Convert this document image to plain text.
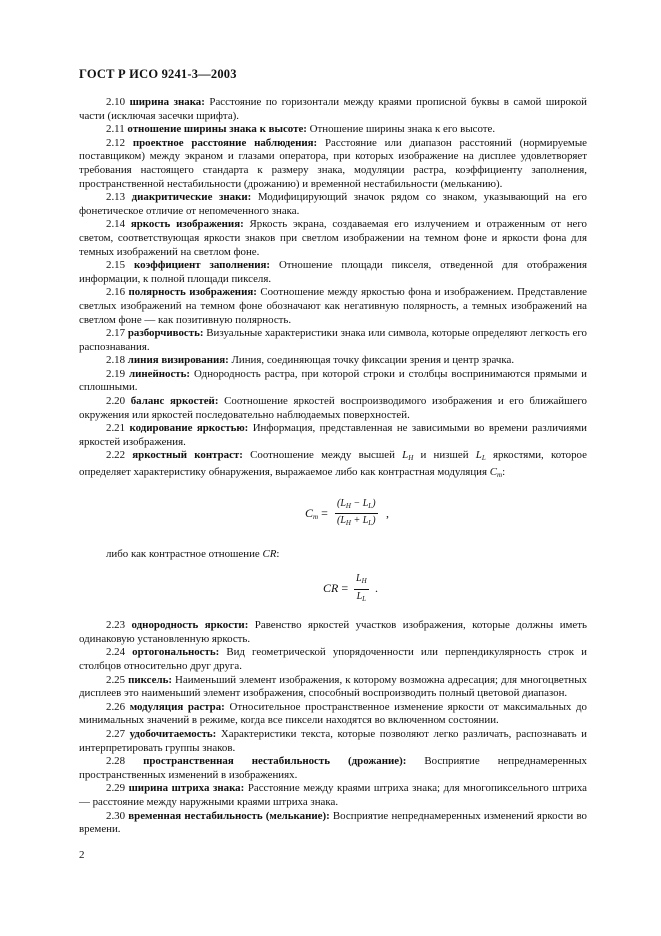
ГОСТ Р ИСО 9241-3—2003

2.10 ширина знака: Расстояние по горизонтали между краями прописной буквы в самой широкой части (исключая засечки шрифта).

2.11 отношение ширины знака к высоте: Отношение ширины знака к его высоте.

2.12 проектное расстояние наблюдения: Расстояние или диапазон расстояний (нормируемые поставщиком) между экраном и глазами оператора, при которых изображение на дисплее удовлетворяет требования настоящего стандарта к размеру знака, модуляции растра, коэффициенту заполнения, пространственной нестабильности (дрожанию) и временной нестабильности (мельканию).

2.13 диакритические знаки: Модифицирующий значок рядом со знаком, указывающий на его фонетическое отличие от непомеченного знака.

2.14 яркость изображения: Яркость экрана, создаваемая его излучением и отраженным от него светом, соответствующая яркости знаков при светлом изображении на темном фоне и яркости фона для темных изображений на светлом фоне.

2.15 коэффициент заполнения: Отношение площади пикселя, отведенной для отображения информации, к полной площади пикселя.

2.16 полярность изображения: Соотношение между яркостью фона и изображением. Представление светлых изображений на темном фоне обозначают как негативную полярность, а темных изображений на светлом фоне — как позитивную полярность.

2.17 разборчивость: Визуальные характеристики знака или символа, которые определяют легкость его распознавания.

2.18 линия визирования: Линия, соединяющая точку фиксации зрения и центр зрачка.

2.19 линейность: Однородность растра, при которой строки и столбцы воспринимаются прямыми и сплошными.

2.20 баланс яркостей: Соотношение яркостей воспроизводимого изображения и его ближайшего окружения или яркостей последовательно наблюдаемых поверхностей.

2.21 кодирование яркостью: Информация, представленная не зависимыми во времени различиями яркостей изображения.

2.22 яркостный контраст: Соотношение между высшей $L_H$ и низшей $L_L$ яркостями, которое определяет характеристику обнаружения, выражаемое либо как контрастная модуляция $C_m$:

$C_m = \frac{(L_H - L_L)}{(L_H + L_L)}$ ,

либо как контрастное отношение CR:

CR = $\frac{L_H}{L_L}$ .

2.23 однородность яркости: Равенство яркостей участков изображения, которые должны иметь одинаковую установленную яркость.

2.24 ортогональность: Вид геометрической упорядоченности или перпендикулярность строк и столбцов относительно друг друга.

2.25 пиксель: Наименьший элемент изображения, к которому возможна адресация; для многоцветных дисплеев это наименьший элемент изображения, способный воспроизводить полный цветовой диапазон.

2.26 модуляция растра: Относительное пространственное изменение яркости от максимальных до минимальных значений в режиме, когда все пиксели находятся во включенном состоянии.

2.27 удобочитаемость: Характеристики текста, которые позволяют легко различать, распознавать и интерпретировать группы знаков.

2.28 пространственная нестабильность (дрожание): Восприятие непреднамеренных пространственных изменений в изображениях.

2.29 ширина штриха знака: Расстояние между краями штриха знака; для многопиксельного штриха — расстояние между наружными краями штриха знака.

2.30 временная нестабильность (мелькание): Восприятие непреднамеренных изменений яркости во времени.

2
